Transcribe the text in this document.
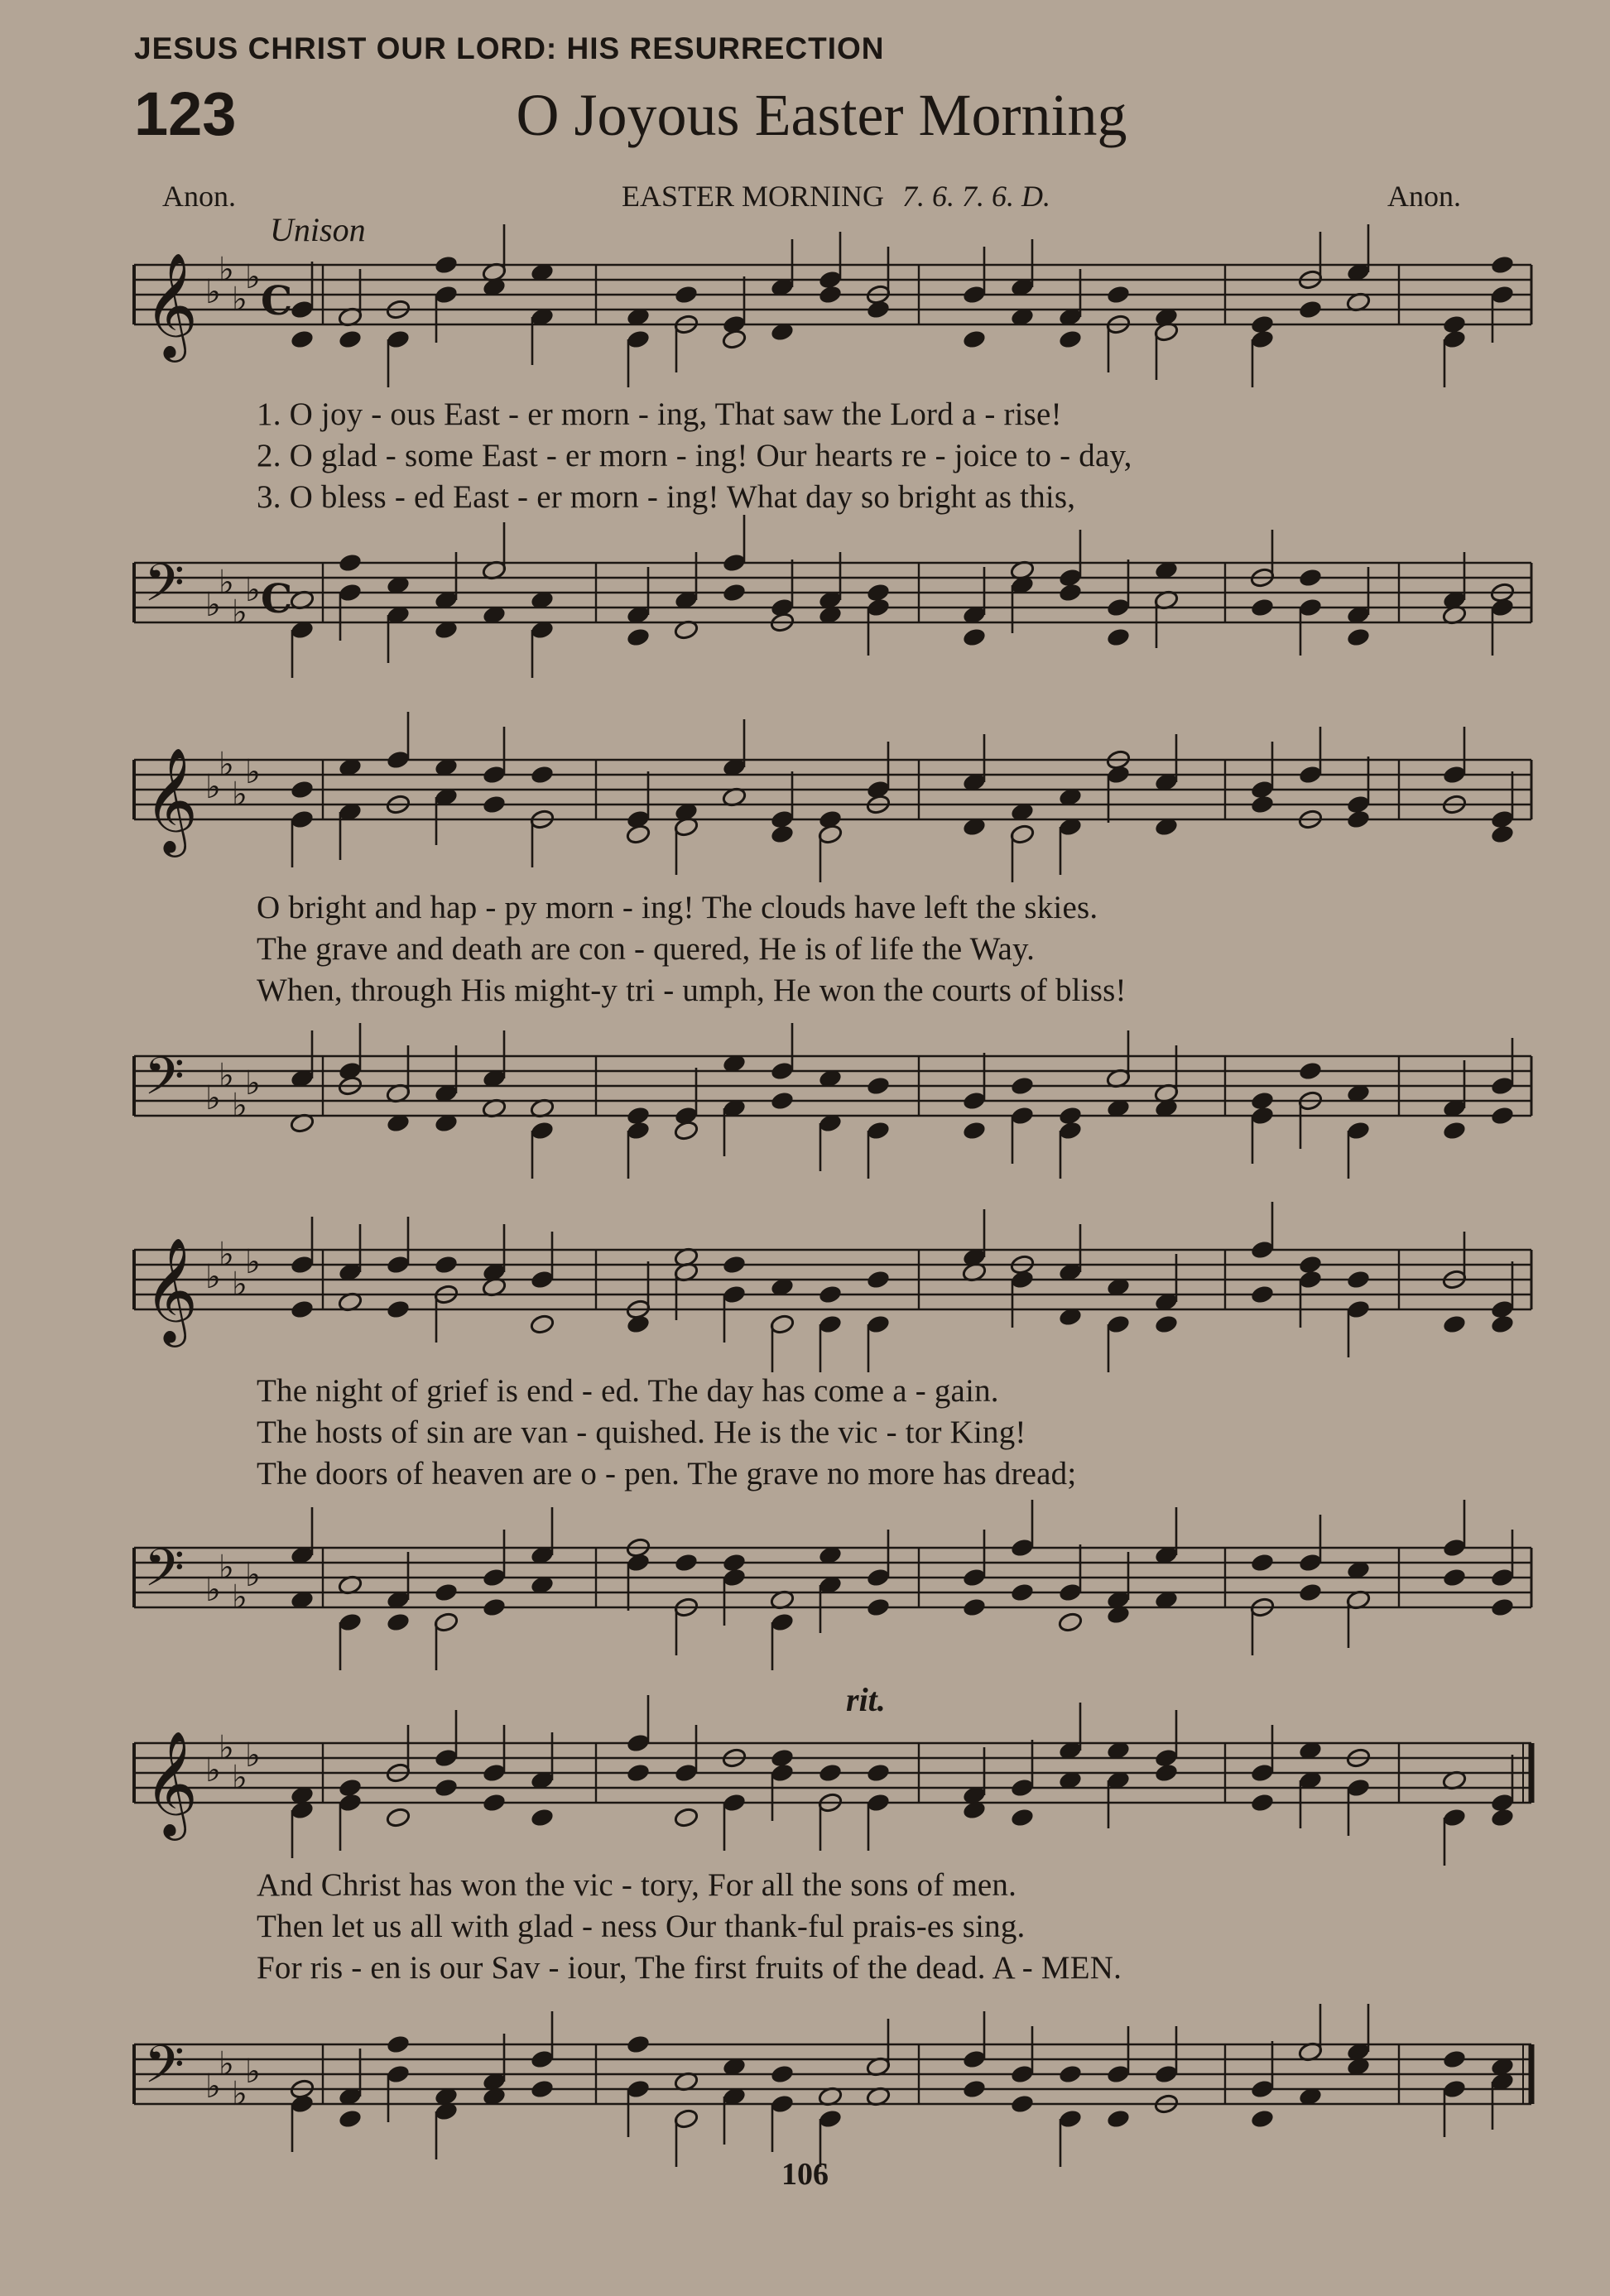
JESUS CHRIST OUR LORD: HIS RESURRECTION
123	O Joyous Easter Morning
Anon.	EASTER MORNING 7. 6. 7. 6. D.	Anon.
Unison
rit.
𝄞 ♭
♭
♭
♭
C
1. O joy - ous East - er morn - ing, That saw the Lord a - rise!
2. O glad - some East - er morn - ing! Our hearts re - joice to - day,
3. O bless - ed East - er morn - ing! What day so bright as this,
𝄢 ♭
♭
♭
♭ C
𝄞 ♭
♭
♭
♭
O bright and hap - py morn - ing! The clouds have left the skies.
The grave and death are con - quered, He is of life the Way.
When, through His might-y tri - umph, He won the courts of bliss!
𝄢 ♭
♭
♭
♭
𝄞 ♭
♭
♭
♭
The night of grief is end - ed. The day has come a - gain.
The hosts of sin are van - quished. He is the vic - tor King!
The doors of heaven are o - pen. The grave no more has dread;
𝄢 ♭
♭
♭
♭
𝄞 ♭
♭
♭
♭
And Christ has won the vic - tory, For all the sons of men.
Then let us all with glad - ness Our thank-ful prais-es sing.
For ris - en is our Sav - iour, The first fruits of the dead. A - MEN.
𝄢 ♭
♭
♭
♭
106
